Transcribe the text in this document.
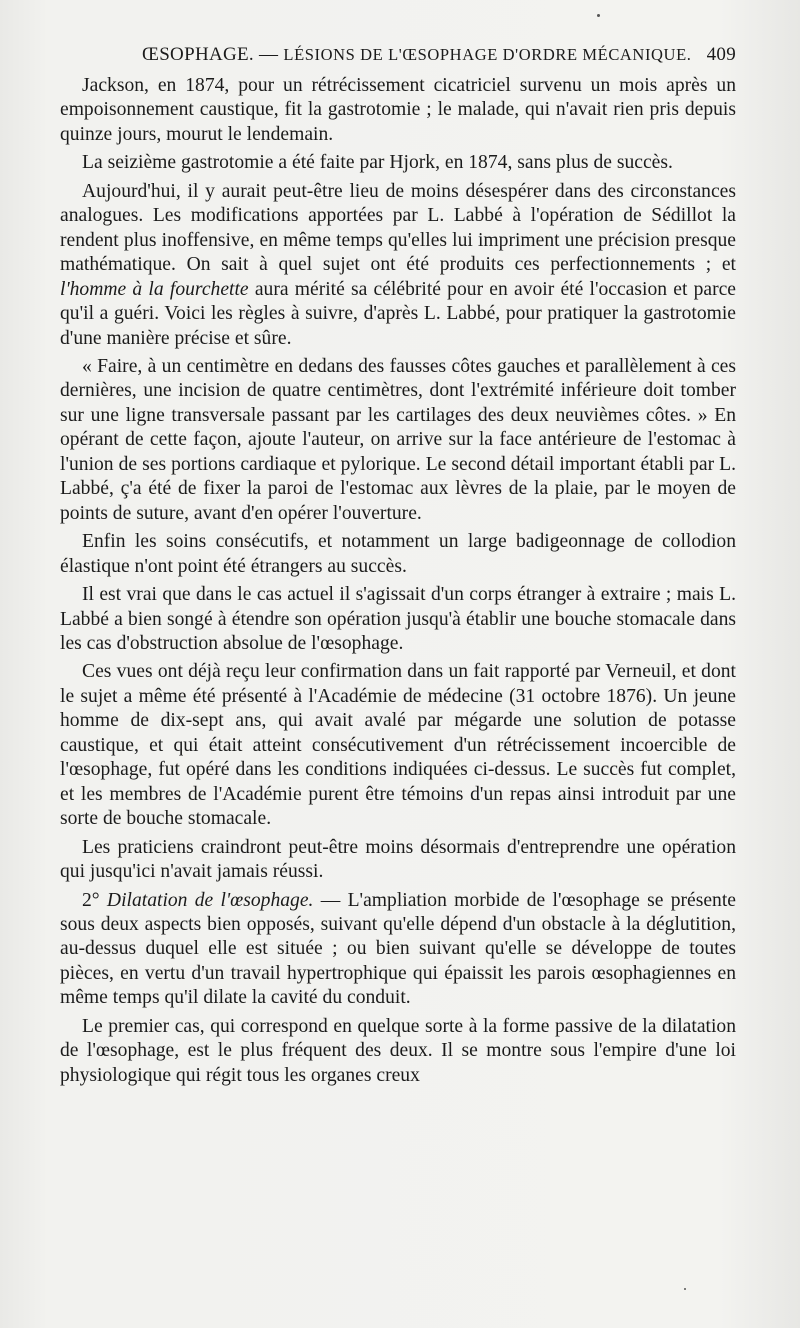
ŒSOPHAGE. — LÉSIONS DE L'ŒSOPHAGE D'ORDRE MÉCANIQUE. 409

Jackson, en 1874, pour un rétrécissement cicatriciel survenu un mois après un empoisonnement caustique, fit la gastrotomie ; le malade, qui n'avait rien pris depuis quinze jours, mourut le lendemain.

La seizième gastrotomie a été faite par Hjork, en 1874, sans plus de succès.

Aujourd'hui, il y aurait peut-être lieu de moins désespérer dans des circonstances analogues. Les modifications apportées par L. Labbé à l'opération de Sédillot la rendent plus inoffensive, en même temps qu'elles lui impriment une précision presque mathématique. On sait à quel sujet ont été produits ces perfectionnements ; et l'homme à la fourchette aura mérité sa célébrité pour en avoir été l'occasion et parce qu'il a guéri. Voici les règles à suivre, d'après L. Labbé, pour pratiquer la gastrotomie d'une manière précise et sûre.

« Faire, à un centimètre en dedans des fausses côtes gauches et parallèlement à ces dernières, une incision de quatre centimètres, dont l'extrémité inférieure doit tomber sur une ligne transversale passant par les cartilages des deux neuvièmes côtes. » En opérant de cette façon, ajoute l'auteur, on arrive sur la face antérieure de l'estomac à l'union de ses portions cardiaque et pylorique. Le second détail important établi par L. Labbé, ç'a été de fixer la paroi de l'estomac aux lèvres de la plaie, par le moyen de points de suture, avant d'en opérer l'ouverture.

Enfin les soins consécutifs, et notamment un large badigeonnage de collodion élastique n'ont point été étrangers au succès.

Il est vrai que dans le cas actuel il s'agissait d'un corps étranger à extraire ; mais L. Labbé a bien songé à étendre son opération jusqu'à établir une bouche stomacale dans les cas d'obstruction absolue de l'œsophage.

Ces vues ont déjà reçu leur confirmation dans un fait rapporté par Verneuil, et dont le sujet a même été présenté à l'Académie de médecine (31 octobre 1876). Un jeune homme de dix-sept ans, qui avait avalé par mégarde une solution de potasse caustique, et qui était atteint consécutivement d'un rétrécissement incoercible de l'œsophage, fut opéré dans les conditions indiquées ci-dessus. Le succès fut complet, et les membres de l'Académie purent être témoins d'un repas ainsi introduit par une sorte de bouche stomacale.

Les praticiens craindront peut-être moins désormais d'entreprendre une opération qui jusqu'ici n'avait jamais réussi.

2° Dilatation de l'œsophage. — L'ampliation morbide de l'œsophage se présente sous deux aspects bien opposés, suivant qu'elle dépend d'un obstacle à la déglutition, au-dessus duquel elle est située ; ou bien suivant qu'elle se développe de toutes pièces, en vertu d'un travail hypertrophique qui épaissit les parois œsophagiennes en même temps qu'il dilate la cavité du conduit.

Le premier cas, qui correspond en quelque sorte à la forme passive de la dilatation de l'œsophage, est le plus fréquent des deux. Il se montre sous l'empire d'une loi physiologique qui régit tous les organes creux
